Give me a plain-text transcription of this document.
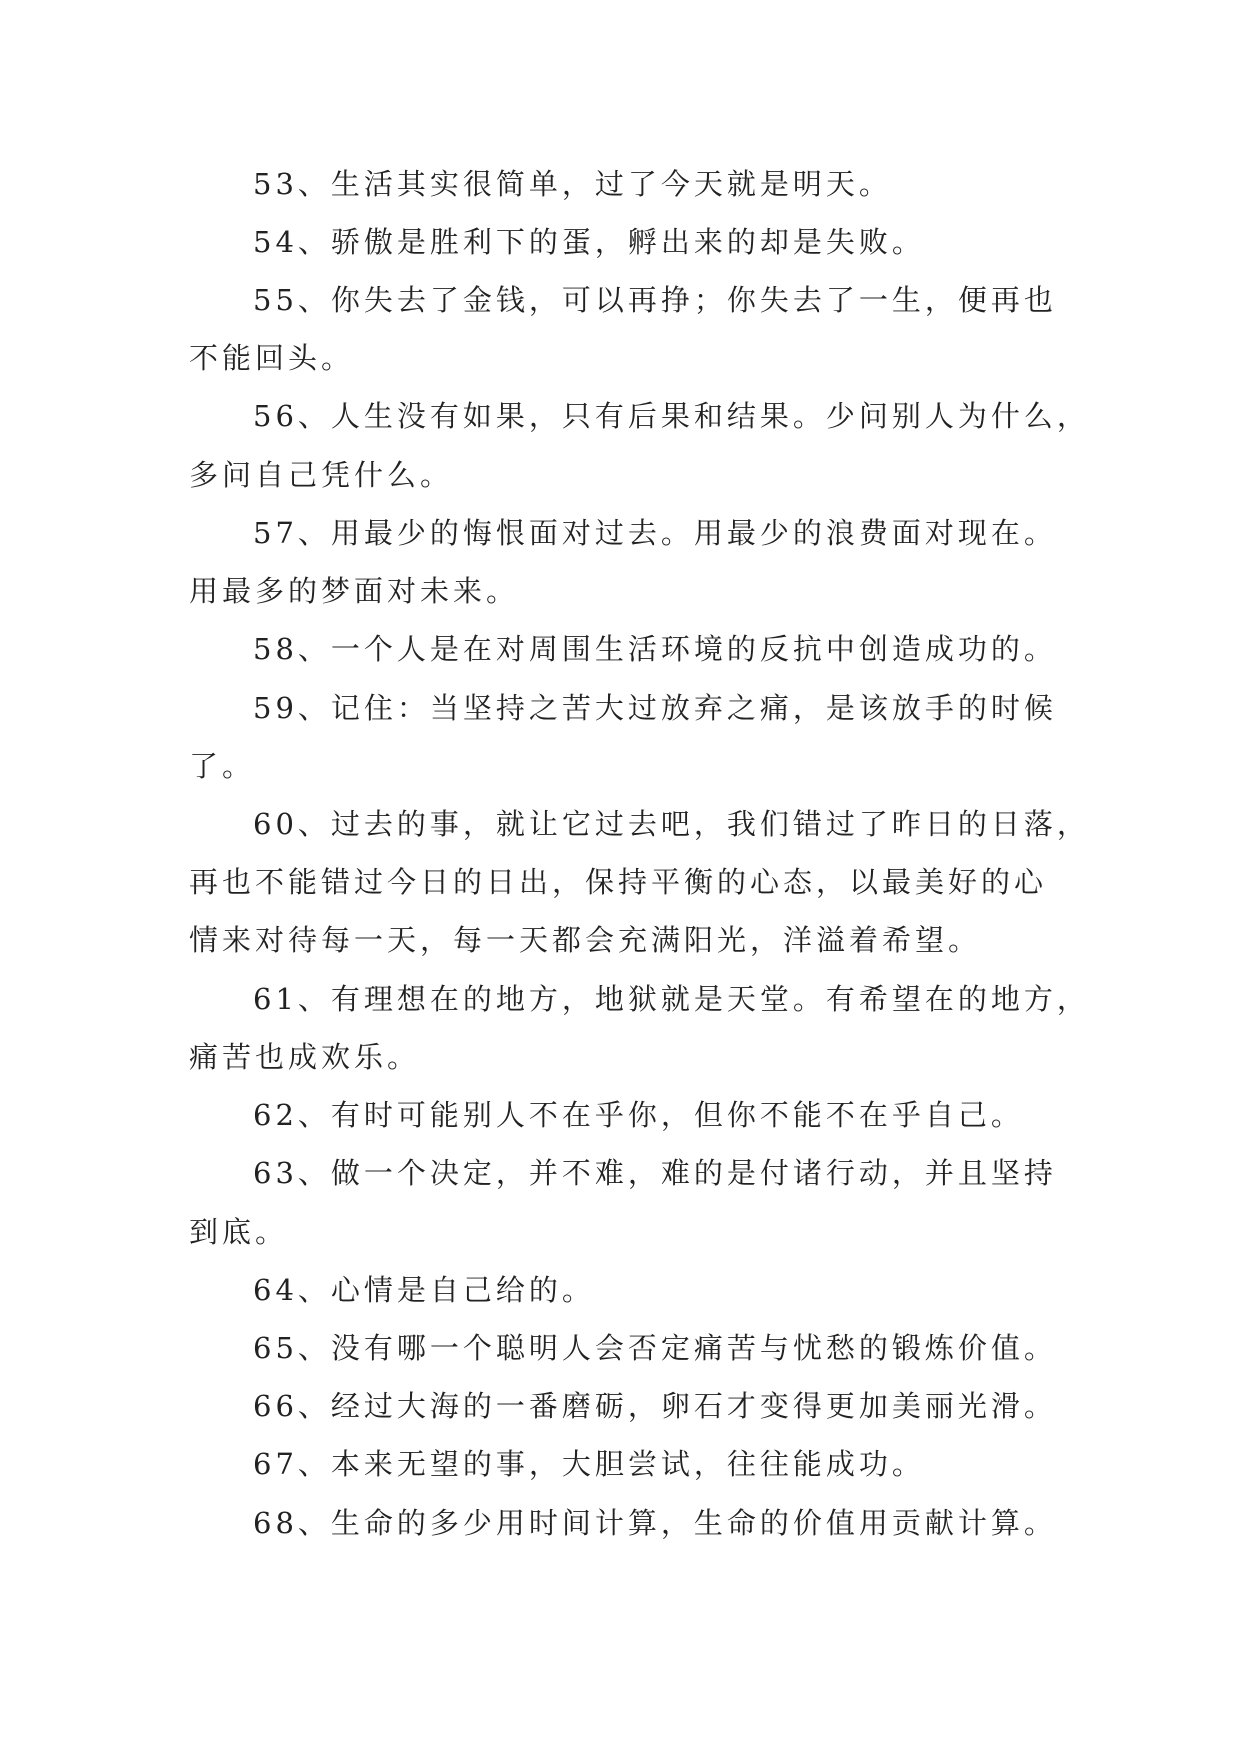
53、生活其实很简单，过了今天就是明天。
54、骄傲是胜利下的蛋，孵出来的却是失败。
55、你失去了金钱，可以再挣；你失去了一生，便再也
不能回头。
56、人生没有如果，只有后果和结果。少问别人为什么，
多问自己凭什么。
57、用最少的悔恨面对过去。用最少的浪费面对现在。
用最多的梦面对未来。
58、一个人是在对周围生活环境的反抗中创造成功的。
59、记住：当坚持之苦大过放弃之痛，是该放手的时候
了。
60、过去的事，就让它过去吧，我们错过了昨日的日落，
再也不能错过今日的日出，保持平衡的心态，以最美好的心
情来对待每一天，每一天都会充满阳光，洋溢着希望。
61、有理想在的地方，地狱就是天堂。有希望在的地方，
痛苦也成欢乐。
62、有时可能别人不在乎你，但你不能不在乎自己。
63、做一个决定，并不难，难的是付诸行动，并且坚持
到底。
64、心情是自己给的。
65、没有哪一个聪明人会否定痛苦与忧愁的锻炼价值。
66、经过大海的一番磨砺，卵石才变得更加美丽光滑。
67、本来无望的事，大胆尝试，往往能成功。
68、生命的多少用时间计算，生命的价值用贡献计算。
